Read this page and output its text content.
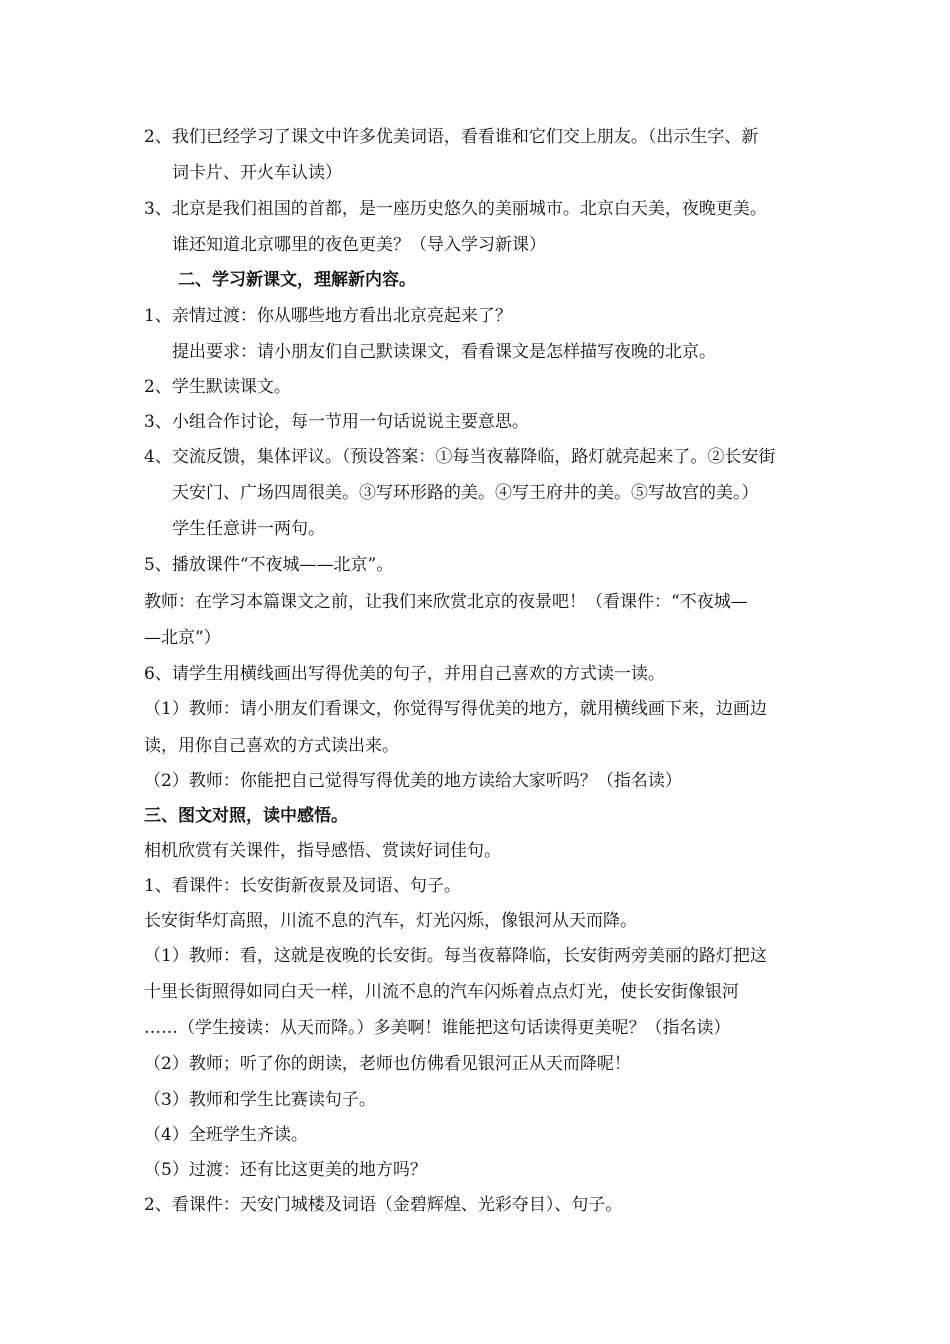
2、我们已经学习了课文中许多优美词语，看看谁和它们交上朋友。（出示生字、新
词卡片、开火车认读）
3、北京是我们祖国的首都，是一座历史悠久的美丽城市。北京白天美，夜晚更美。
谁还知道北京哪里的夜色更美？（导入学习新课）
二、学习新课文，理解新内容。
1、亲情过渡：你从哪些地方看出北京亮起来了？
提出要求：请小朋友们自己默读课文，看看课文是怎样描写夜晚的北京。
2、学生默读课文。
3、小组合作讨论，每一节用一句话说说主要意思。
4、交流反馈，集体评议。（预设答案：①每当夜幕降临，路灯就亮起来了。②长安街
天安门、广场四周很美。③写环形路的美。④写王府井的美。⑤写故宫的美。）
学生任意讲一两句。
5、播放课件“不夜城——北京”。
教师：在学习本篇课文之前，让我们来欣赏北京的夜景吧！（看课件：“不夜城—
—北京”）
6、请学生用横线画出写得优美的句子，并用自己喜欢的方式读一读。
（1）教师：请小朋友们看课文，你觉得写得优美的地方，就用横线画下来，边画边
读，用你自己喜欢的方式读出来。
（2）教师：你能把自己觉得写得优美的地方读给大家听吗？（指名读）
三、图文对照，读中感悟。
相机欣赏有关课件，指导感悟、赏读好词佳句。
1、看课件：长安街新夜景及词语、句子。
长安街华灯高照，川流不息的汽车，灯光闪烁，像银河从天而降。
（1）教师：看，这就是夜晚的长安街。每当夜幕降临，长安街两旁美丽的路灯把这
十里长街照得如同白天一样，川流不息的汽车闪烁着点点灯光，使长安街像银河
……（学生接读：从天而降。）多美啊！谁能把这句话读得更美呢？（指名读）
（2）教师；听了你的朗读，老师也仿佛看见银河正从天而降呢！
（3）教师和学生比赛读句子。
（4）全班学生齐读。
（5）过渡：还有比这更美的地方吗？
2、看课件：天安门城楼及词语（金碧辉煌、光彩夺目）、句子。
